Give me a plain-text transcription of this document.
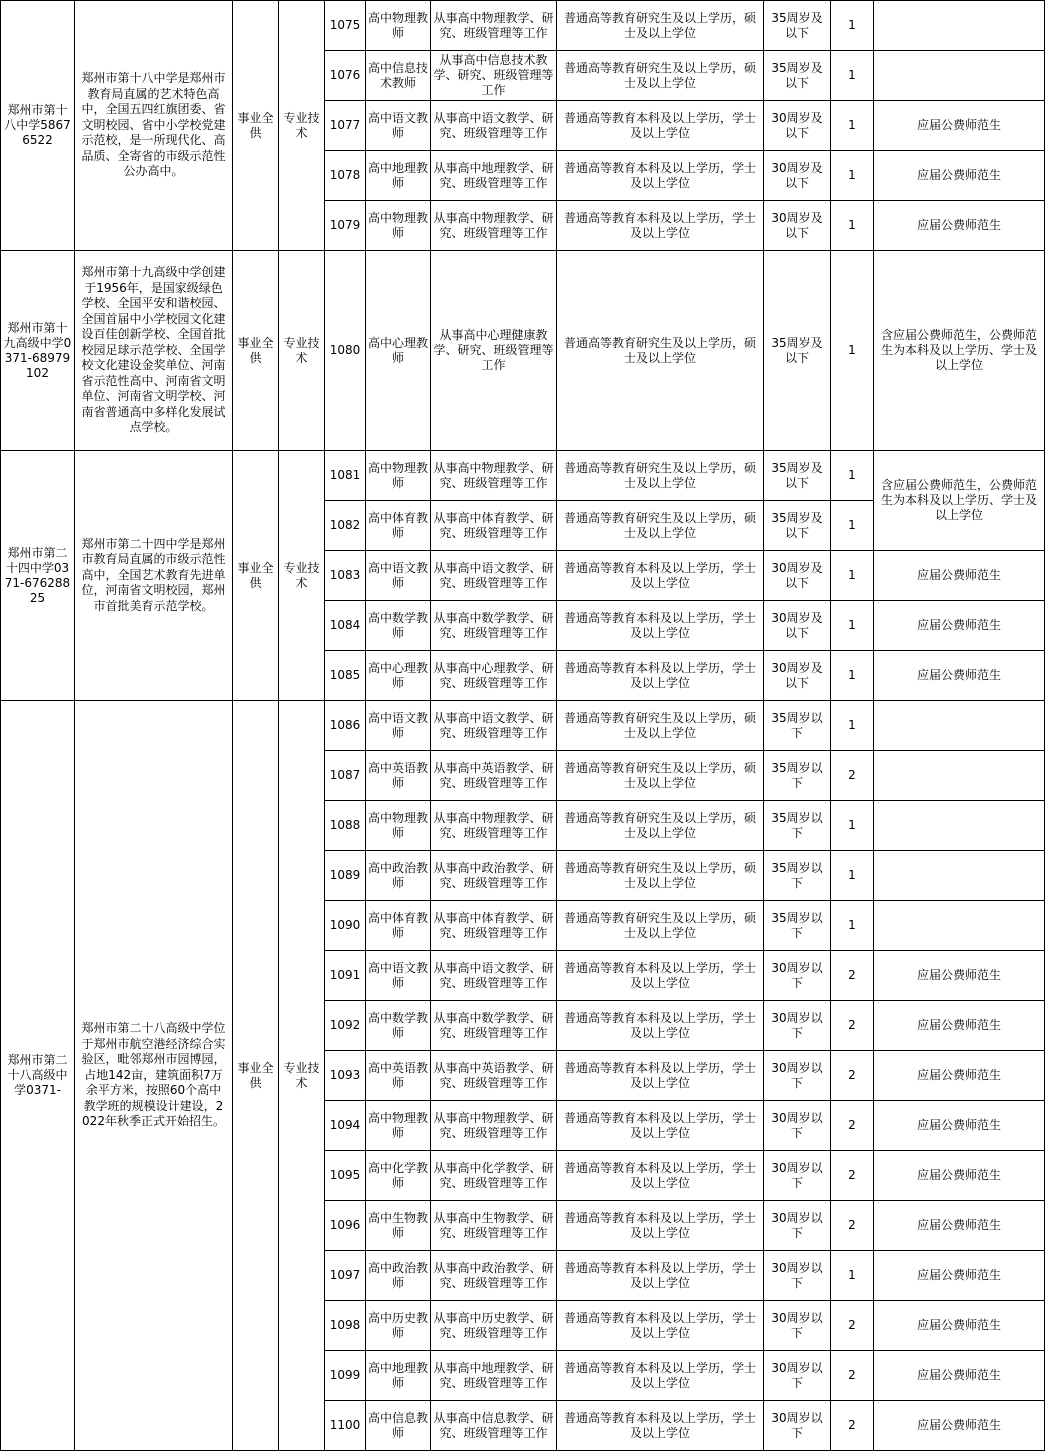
郑州市第十八中学58676522	郑州市第十八中学是郑州市教育局直属的艺术特色高中，全国五四红旗团委、省文明校园、省中小学校党建示范校，是一所现代化、高品质、全寄省的市级示范性公办高中。	事业全供	专业技术	1075	高中物理教师	从事高中物理教学、研究、班级管理等工作	普通高等教育研究生及以上学历，硕士及以上学位	35周岁及以下	1	
				1076	高中信息技术教师	从事高中信息技术教学、研究、班级管理等工作	普通高等教育研究生及以上学历，硕士及以上学位	35周岁及以下	1	
				1077	高中语文教师	从事高中语文教学、研究、班级管理等工作	普通高等教育本科及以上学历，学士及以上学位	30周岁及以下	1	应届公费师范生
				1078	高中地理教师	从事高中地理教学、研究、班级管理等工作	普通高等教育本科及以上学历，学士及以上学位	30周岁及以下	1	应届公费师范生
				1079	高中物理教师	从事高中物理教学、研究、班级管理等工作	普通高等教育本科及以上学历，学士及以上学位	30周岁及以下	1	应届公费师范生
郑州市第十九高级中学0371-68979102	郑州市第十九高级中学创建于1956年，是国家级绿色学校、全国平安和谐校园、全国首届中小学校园文化建设百佳创新学校、全国首批校园足球示范学校、全国学校文化建设金奖单位、河南省示范性高中、河南省文明单位、河南省文明学校、河南省普通高中多样化发展试点学校。	事业全供	专业技术	1080	高中心理教师	从事高中心理健康教学、研究、班级管理等工作	普通高等教育研究生及以上学历，硕士及以上学位	35周岁及以下	1	含应届公费师范生，公费师范生为本科及以上学历、学士及以上学位
郑州市第二十四中学0371-67628825	郑州市第二十四中学是郑州市教育局直属的市级示范性高中，全国艺术教育先进单位，河南省文明校园，郑州市首批美育示范学校。	事业全供	专业技术	1081	高中物理教师	从事高中物理教学、研究、班级管理等工作	普通高等教育研究生及以上学历，硕士及以上学位	35周岁及以下	1	含应届公费师范生，公费师范生为本科及以上学历、学士及以上学位
				1082	高中体育教师	从事高中体育教学、研究、班级管理等工作	普通高等教育研究生及以上学历，硕士及以上学位	35周岁及以下	1	
				1083	高中语文教师	从事高中语文教学、研究、班级管理等工作	普通高等教育本科及以上学历，学士及以上学位	30周岁及以下	1	应届公费师范生
				1084	高中数学教师	从事高中数学教学、研究、班级管理等工作	普通高等教育本科及以上学历，学士及以上学位	30周岁及以下	1	应届公费师范生
				1085	高中心理教师	从事高中心理教学、研究、班级管理等工作	普通高等教育本科及以上学历，学士及以上学位	30周岁及以下	1	应届公费师范生
郑州市第二十八高级中学0371-	郑州市第二十八高级中学位于郑州市航空港经济综合实验区，毗邻郑州市园博园，占地142亩，建筑面积7万余平方米，按照60个高中教学班的规模设计建设，2022年秋季正式开始招生。	事业全供	专业技术	1086	高中语文教师	从事高中语文教学、研究、班级管理等工作	普通高等教育研究生及以上学历，硕士及以上学位	35周岁以下	1	
				1087	高中英语教师	从事高中英语教学、研究、班级管理等工作	普通高等教育研究生及以上学历，硕士及以上学位	35周岁以下	2	
				1088	高中物理教师	从事高中物理教学、研究、班级管理等工作	普通高等教育研究生及以上学历，硕士及以上学位	35周岁以下	1	
				1089	高中政治教师	从事高中政治教学、研究、班级管理等工作	普通高等教育研究生及以上学历，硕士及以上学位	35周岁以下	1	
				1090	高中体育教师	从事高中体育教学、研究、班级管理等工作	普通高等教育研究生及以上学历，硕士及以上学位	35周岁以下	1	
				1091	高中语文教师	从事高中语文教学、研究、班级管理等工作	普通高等教育本科及以上学历，学士及以上学位	30周岁以下	2	应届公费师范生
				1092	高中数学教师	从事高中数学教学、研究、班级管理等工作	普通高等教育本科及以上学历，学士及以上学位	30周岁以下	2	应届公费师范生
				1093	高中英语教师	从事高中英语教学、研究、班级管理等工作	普通高等教育本科及以上学历，学士及以上学位	30周岁以下	2	应届公费师范生
				1094	高中物理教师	从事高中物理教学、研究、班级管理等工作	普通高等教育本科及以上学历，学士及以上学位	30周岁以下	2	应届公费师范生
				1095	高中化学教师	从事高中化学教学、研究、班级管理等工作	普通高等教育本科及以上学历，学士及以上学位	30周岁以下	2	应届公费师范生
				1096	高中生物教师	从事高中生物教学、研究、班级管理等工作	普通高等教育本科及以上学历，学士及以上学位	30周岁以下	2	应届公费师范生
				1097	高中政治教师	从事高中政治教学、研究、班级管理等工作	普通高等教育本科及以上学历，学士及以上学位	30周岁以下	1	应届公费师范生
				1098	高中历史教师	从事高中历史教学、研究、班级管理等工作	普通高等教育本科及以上学历，学士及以上学位	30周岁以下	2	应届公费师范生
				1099	高中地理教师	从事高中地理教学、研究、班级管理等工作	普通高等教育本科及以上学历，学士及以上学位	30周岁以下	2	应届公费师范生
				1100	高中信息教师	从事高中信息教学、研究、班级管理等工作	普通高等教育本科及以上学历，学士及以上学位	30周岁以下	2	应届公费师范生
